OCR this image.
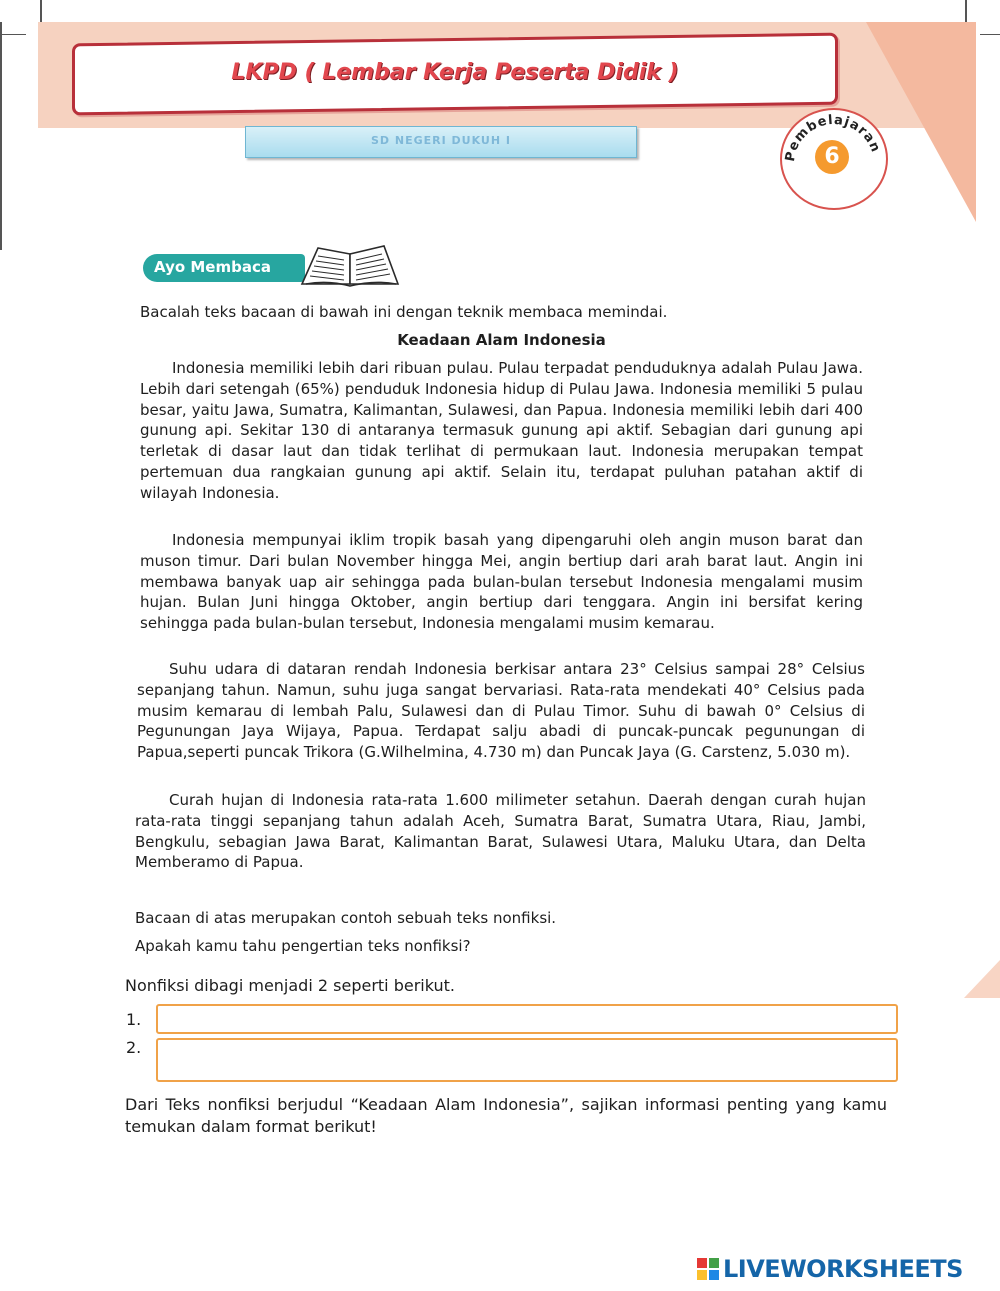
LKPD ( Lembar Kerja Peserta Didik )
SD NEGERI DUKUH I
Pembelajaran
6
Ayo Membaca

Bacalah teks bacaan di bawah ini dengan teknik membaca memindai.

Keadaan Alam Indonesia

Indonesia memiliki lebih dari ribuan pulau. Pulau terpadat penduduknya adalah Pulau Jawa. Lebih dari setengah (65%) penduduk Indonesia hidup di Pulau Jawa. Indonesia memiliki 5 pulau besar, yaitu Jawa, Sumatra, Kalimantan, Sulawesi, dan Papua. Indonesia memiliki lebih dari 400 gunung api. Sekitar 130 di antaranya termasuk gunung api aktif. Sebagian dari gunung api terletak di dasar laut dan tidak terlihat di permukaan laut. Indonesia merupakan tempat pertemuan dua rangkaian gunung api aktif. Selain itu, terdapat puluhan patahan aktif di wilayah Indonesia.

Indonesia mempunyai iklim tropik basah yang dipengaruhi oleh angin muson barat dan muson timur. Dari bulan November hingga Mei, angin bertiup dari arah barat laut. Angin ini membawa banyak uap air sehingga pada bulan-bulan tersebut Indonesia mengalami musim hujan. Bulan Juni hingga Oktober, angin bertiup dari tenggara. Angin ini bersifat kering sehingga pada bulan-bulan tersebut, Indonesia mengalami musim kemarau.

Suhu udara di dataran rendah Indonesia berkisar antara 23° Celsius sampai 28° Celsius sepanjang tahun. Namun, suhu juga sangat bervariasi. Rata-rata mendekati 40° Celsius pada musim kemarau di lembah Palu, Sulawesi dan di Pulau Timor. Suhu di bawah 0° Celsius di Pegunungan Jaya Wijaya, Papua. Terdapat salju abadi di puncak-puncak pegunungan di Papua,seperti puncak Trikora (G.Wilhelmina, 4.730 m) dan Puncak Jaya (G. Carstenz, 5.030 m).

Curah hujan di Indonesia rata-rata 1.600 milimeter setahun. Daerah dengan curah hujan rata-rata tinggi sepanjang tahun adalah Aceh, Sumatra Barat, Sumatra Utara, Riau, Jambi, Bengkulu, sebagian Jawa Barat, Kalimantan Barat, Sulawesi Utara, Maluku Utara, dan Delta Memberamo di Papua.

Bacaan di atas merupakan contoh sebuah teks nonfiksi.

Apakah kamu tahu pengertian teks nonfiksi?

Nonfiksi dibagi menjadi 2 seperti berikut.

1.
2.

Dari Teks nonfiksi berjudul “Keadaan Alam Indonesia”, sajikan informasi penting yang kamu temukan dalam format berikut!

LIVEWORKSHEETS
